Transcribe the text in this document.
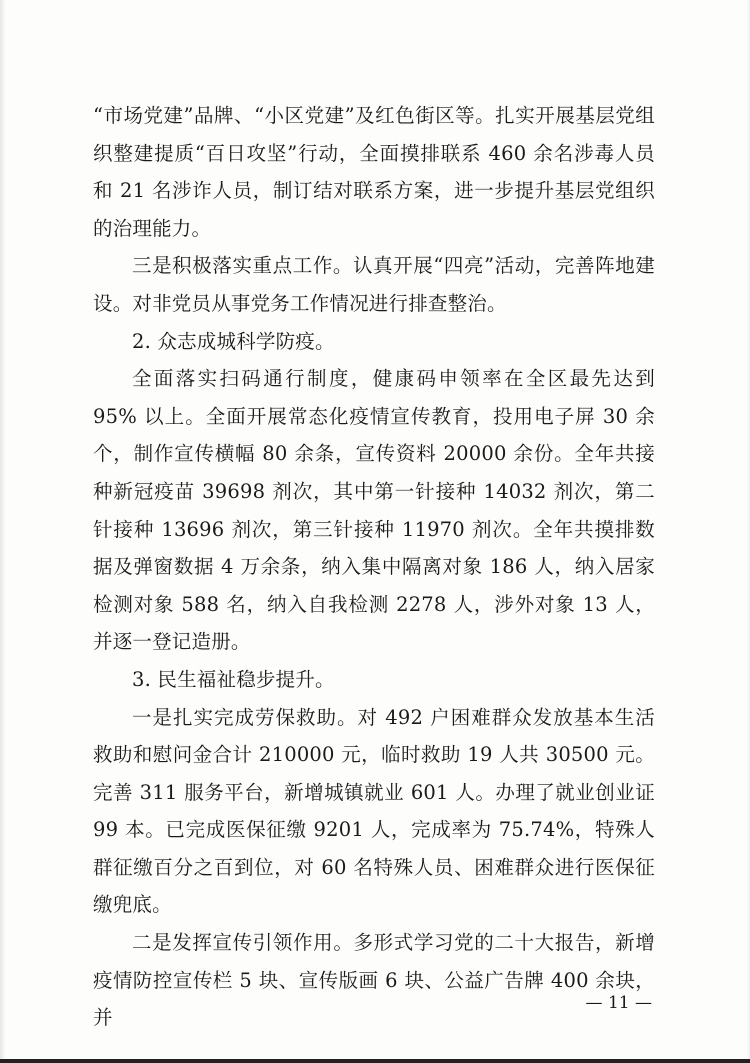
“市场党建”品牌、“小区党建”及红色街区等。扎实开展基层党组织整建提质“百日攻坚”行动，全面摸排联系 460 余名涉毒人员和 21 名涉诈人员，制订结对联系方案，进一步提升基层党组织的治理能力。

三是积极落实重点工作。认真开展“四亮”活动，完善阵地建设。对非党员从事党务工作情况进行排查整治。

2. 众志成城科学防疫。

全面落实扫码通行制度，健康码申领率在全区最先达到 95% 以上。全面开展常态化疫情宣传教育，投用电子屏 30 余个，制作宣传横幅 80 余条，宣传资料 20000 余份。全年共接种新冠疫苗 39698 剂次，其中第一针接种 14032 剂次，第二针接种 13696 剂次，第三针接种 11970 剂次。全年共摸排数据及弹窗数据 4 万余条，纳入集中隔离对象 186 人，纳入居家检测对象 588 名，纳入自我检测 2278 人，涉外对象 13 人，并逐一登记造册。

3. 民生福祉稳步提升。

一是扎实完成劳保救助。对 492 户困难群众发放基本生活救助和慰问金合计 210000 元，临时救助 19 人共 30500 元。完善 311 服务平台，新增城镇就业 601 人。办理了就业创业证 99 本。已完成医保征缴 9201 人，完成率为 75.74%，特殊人群征缴百分之百到位，对 60 名特殊人员、困难群众进行医保征缴兜底。

二是发挥宣传引领作用。多形式学习党的二十大报告，新增疫情防控宣传栏 5 块、宣传版画 6 块、公益广告牌 400 余块，并

— 11 —
